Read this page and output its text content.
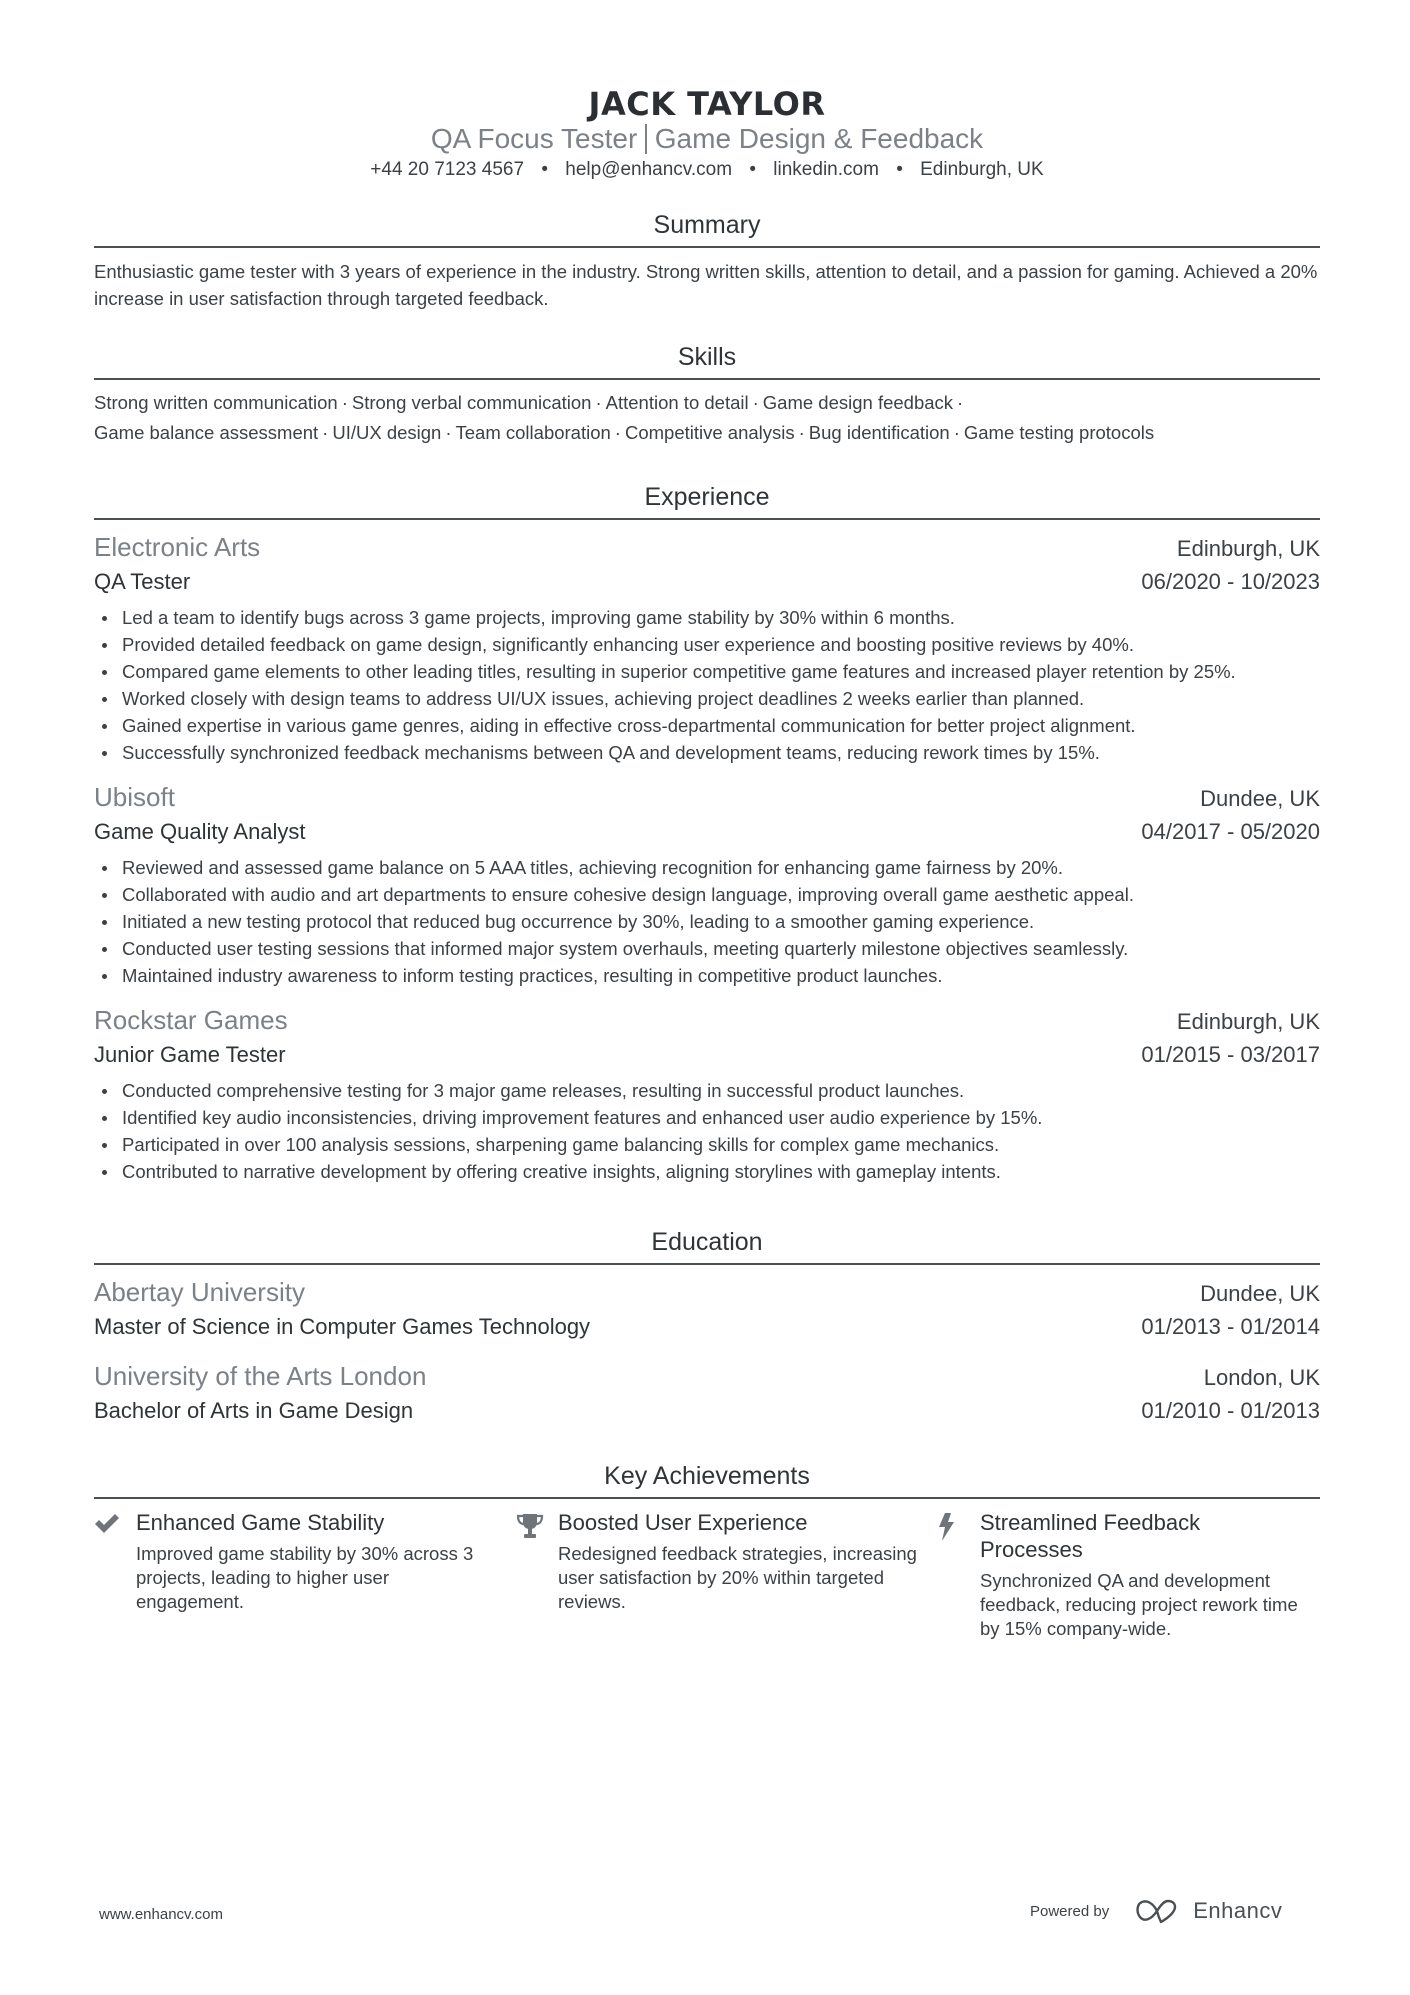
JACK TAYLOR
QA Focus Tester Game Design & Feedback
+44 20 7123 4567 • help@enhancv.com • linkedin.com • Edinburgh, UK
Summary
Enthusiastic game tester with 3 years of experience in the industry. Strong written skills, attention to detail, and a passion for gaming. Achieved a 20% increase in user satisfaction through targeted feedback.
Skills
Strong written communication · Strong verbal communication · Attention to detail · Game design feedback ·
Game balance assessment · UI/UX design · Team collaboration · Competitive analysis · Bug identification · Game testing protocols
Experience
Electronic Arts	Edinburgh, UK
QA Tester	06/2020 - 10/2023
Led a team to identify bugs across 3 game projects, improving game stability by 30% within 6 months.
Provided detailed feedback on game design, significantly enhancing user experience and boosting positive reviews by 40%.
Compared game elements to other leading titles, resulting in superior competitive game features and increased player retention by 25%.
Worked closely with design teams to address UI/UX issues, achieving project deadlines 2 weeks earlier than planned.
Gained expertise in various game genres, aiding in effective cross-departmental communication for better project alignment.
Successfully synchronized feedback mechanisms between QA and development teams, reducing rework times by 15%.
Ubisoft	Dundee, UK
Game Quality Analyst	04/2017 - 05/2020
Reviewed and assessed game balance on 5 AAA titles, achieving recognition for enhancing game fairness by 20%.
Collaborated with audio and art departments to ensure cohesive design language, improving overall game aesthetic appeal.
Initiated a new testing protocol that reduced bug occurrence by 30%, leading to a smoother gaming experience.
Conducted user testing sessions that informed major system overhauls, meeting quarterly milestone objectives seamlessly.
Maintained industry awareness to inform testing practices, resulting in competitive product launches.
Rockstar Games	Edinburgh, UK
Junior Game Tester	01/2015 - 03/2017
Conducted comprehensive testing for 3 major game releases, resulting in successful product launches.
Identified key audio inconsistencies, driving improvement features and enhanced user audio experience by 15%.
Participated in over 100 analysis sessions, sharpening game balancing skills for complex game mechanics.
Contributed to narrative development by offering creative insights, aligning storylines with gameplay intents.
Education
Abertay University	Dundee, UK
Master of Science in Computer Games Technology	01/2013 - 01/2014
University of the Arts London	London, UK
Bachelor of Arts in Game Design	01/2010 - 01/2013
Key Achievements
Enhanced Game Stability
Improved game stability by 30% across 3 projects, leading to higher user engagement.
Boosted User Experience
Redesigned feedback strategies, increasing user satisfaction by 20% within targeted reviews.
Streamlined Feedback Processes
Synchronized QA and development feedback, reducing project rework time by 15% company-wide.
www.enhancv.com	Powered by	Enhancv
